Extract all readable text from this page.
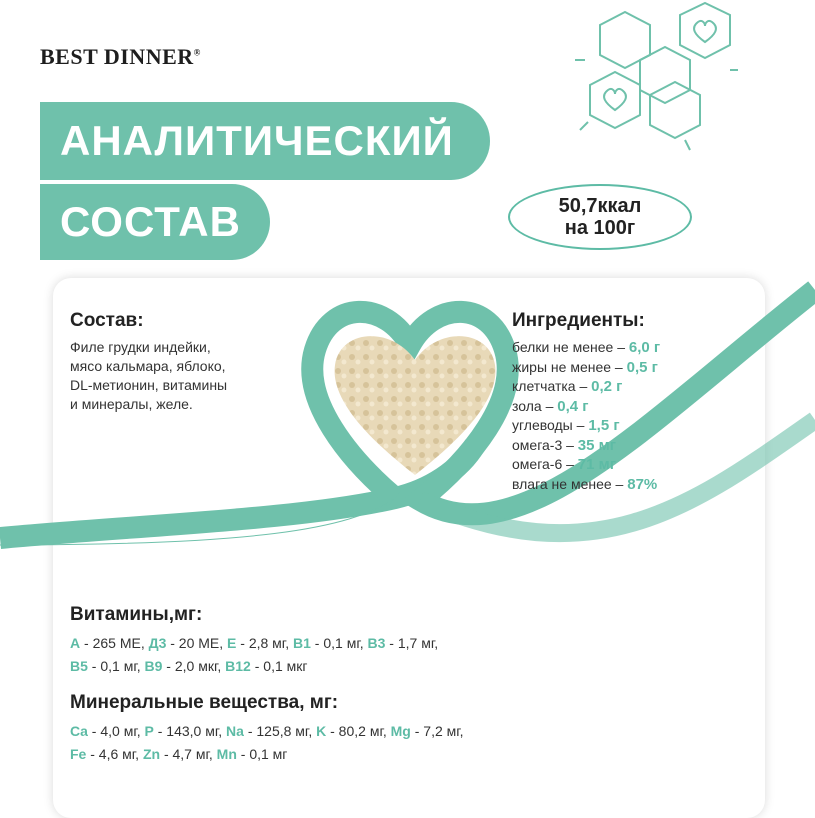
BEST DINNER®
АНАЛИТИЧЕСКИЙ
СОСТАВ	50,7ккал
на 100г
Состав:
Филе грудки индейки,
мясо кальмара, яблоко,
DL-метионин, витамины
и минералы, желе.
Ингредиенты:
белки не менее – 6,0 г
жиры не менее – 0,5 г
клетчатка – 0,2 г
зола – 0,4 г
углеводы – 1,5 г
омега-3 – 35 мг
омега-6 – 71 мг
влага не менее – 87%
Витамины,мг:
A - 265 МЕ, Д3 - 20 МЕ, E - 2,8 мг, B1 - 0,1 мг, B3 - 1,7 мг,
B5 - 0,1 мг, B9 - 2,0 мкг, B12 - 0,1 мкг
Минеральные вещества, мг:
Ca - 4,0 мг, P - 143,0 мг, Na - 125,8 мг, K - 80,2 мг, Mg - 7,2 мг,
Fe - 4,6 мг, Zn - 4,7 мг, Mn - 0,1 мг
